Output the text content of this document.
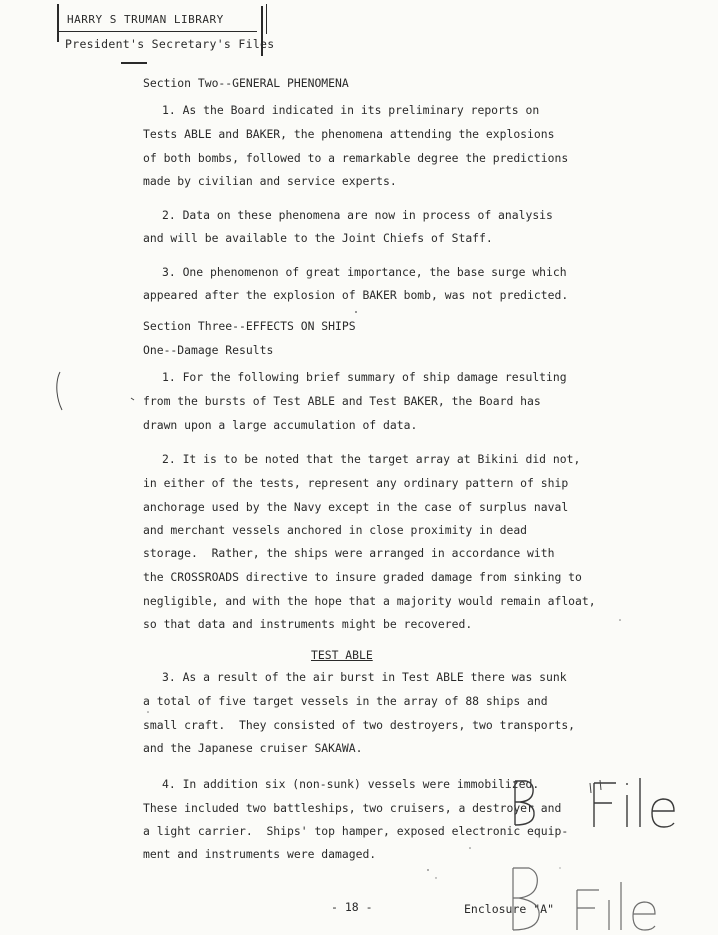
HARRY S TRUMAN LIBRARY
President's Secretary's Files
Section Two--GENERAL PHENOMENA
1. As the Board indicated in its preliminary reports on
Tests ABLE and BAKER, the phenomena attending the explosions
of both bombs, followed to a remarkable degree the predictions
made by civilian and service experts.
2. Data on these phenomena are now in process of analysis
and will be available to the Joint Chiefs of Staff.
3. One phenomenon of great importance, the base surge which
appeared after the explosion of BAKER bomb, was not predicted.
Section Three--EFFECTS ON SHIPS
One--Damage Results
1. For the following brief summary of ship damage resulting
from the bursts of Test ABLE and Test BAKER, the Board has
drawn upon a large accumulation of data.
2. It is to be noted that the target array at Bikini did not,
in either of the tests, represent any ordinary pattern of ship
anchorage used by the Navy except in the case of surplus naval
and merchant vessels anchored in close proximity in dead
storage.  Rather, the ships were arranged in accordance with
the CROSSROADS directive to insure graded damage from sinking to
negligible, and with the hope that a majority would remain afloat,
so that data and instruments might be recovered.
TEST ABLE
3. As a result of the air burst in Test ABLE there was sunk
a total of five target vessels in the array of 88 ships and
small craft.  They consisted of two destroyers, two transports,
and the Japanese cruiser SAKAWA.
4. In addition six (non-sunk) vessels were immobilized.
These included two battleships, two cruisers, a destroyer and
a light carrier.  Ships' top hamper, exposed electronic equip-
ment and instruments were damaged.
- 18 -	Enclosure "A"
